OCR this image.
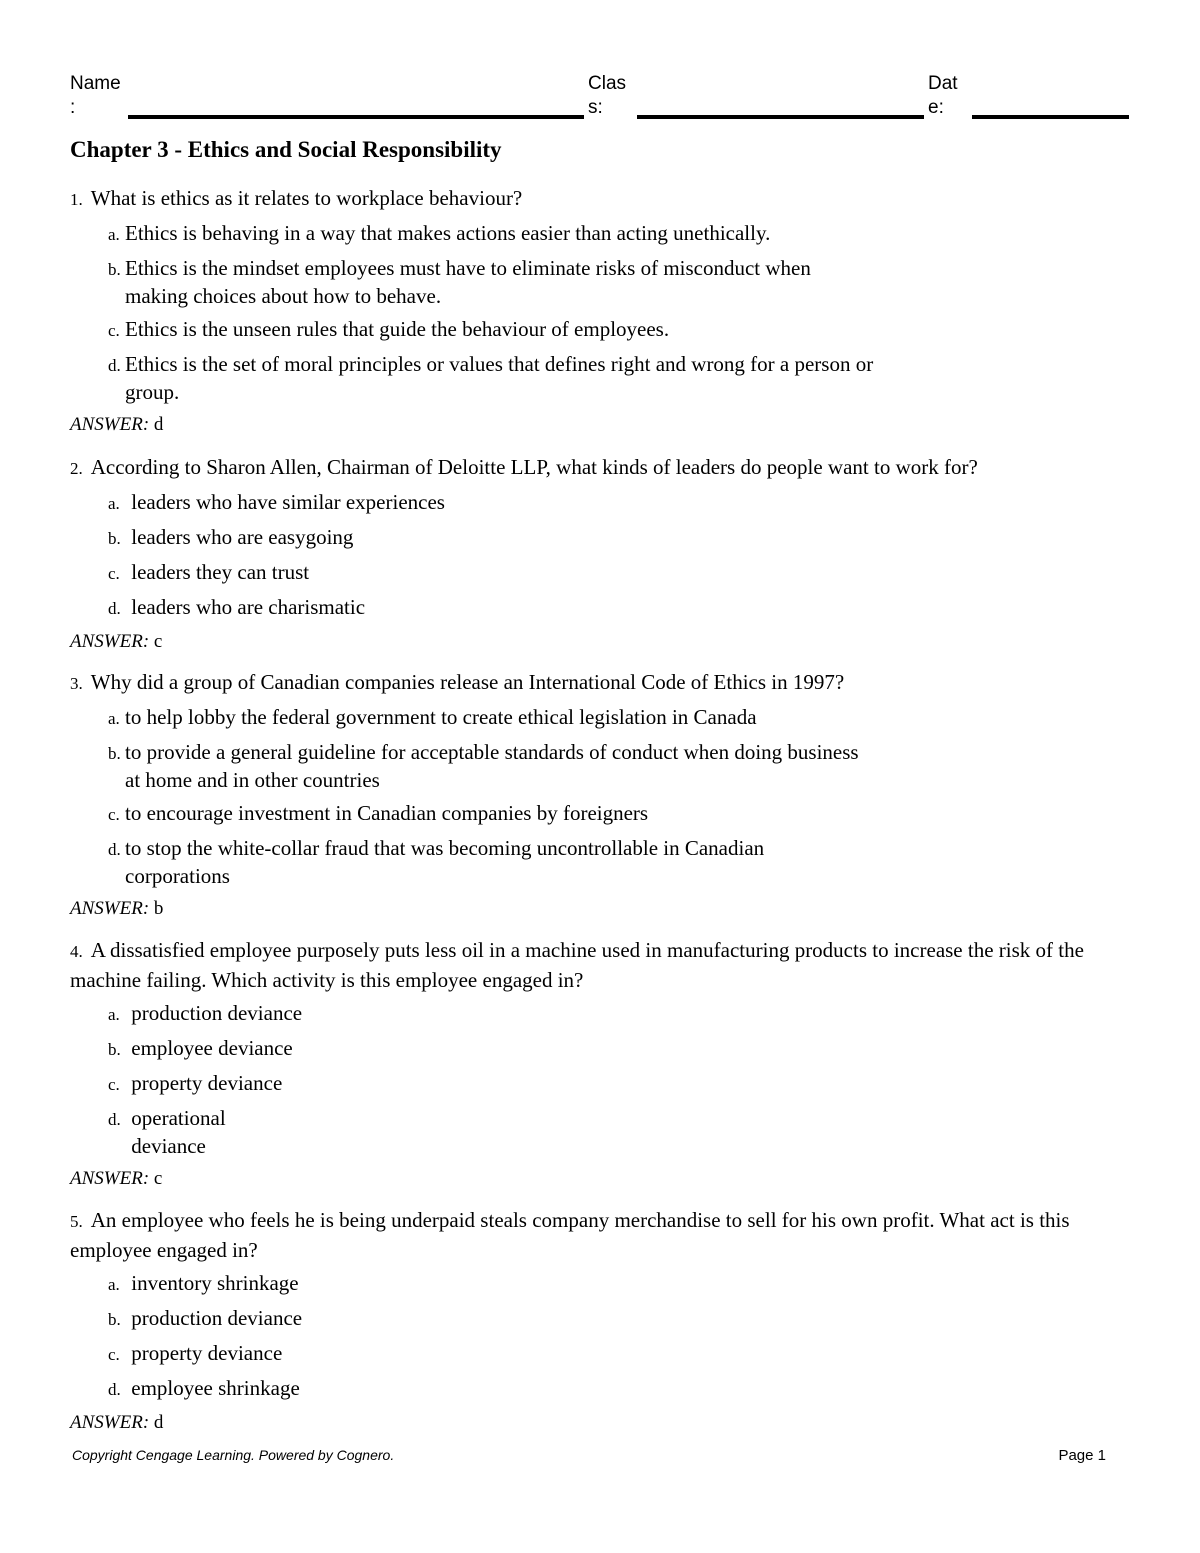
Name
:
Clas
s:
Dat
e:
Chapter 3 - Ethics and Social Responsibility
1. What is ethics as it relates to workplace behaviour?
a. Ethics is behaving in a way that makes actions easier than acting unethically.
b. Ethics is the mindset employees must have to eliminate risks of misconduct when making choices about how to behave.
c. Ethics is the unseen rules that guide the behaviour of employees.
d. Ethics is the set of moral principles or values that defines right and wrong for a person or group.
ANSWER: d
2. According to Sharon Allen, Chairman of Deloitte LLP, what kinds of leaders do people want to work for?
a. leaders who have similar experiences
b. leaders who are easygoing
c. leaders they can trust
d. leaders who are charismatic
ANSWER: c
3. Why did a group of Canadian companies release an International Code of Ethics in 1997?
a. to help lobby the federal government to create ethical legislation in Canada
b. to provide a general guideline for acceptable standards of conduct when doing business at home and in other countries
c. to encourage investment in Canadian companies by foreigners
d. to stop the white-collar fraud that was becoming uncontrollable in Canadian corporations
ANSWER: b
4. A dissatisfied employee purposely puts less oil in a machine used in manufacturing products to increase the risk of the machine failing. Which activity is this employee engaged in?
a. production deviance
b. employee deviance
c. property deviance
d. operational deviance
ANSWER: c
5. An employee who feels he is being underpaid steals company merchandise to sell for his own profit. What act is this employee engaged in?
a. inventory shrinkage
b. production deviance
c. property deviance
d. employee shrinkage
ANSWER: d
Copyright Cengage Learning. Powered by Cognero.	Page 1
